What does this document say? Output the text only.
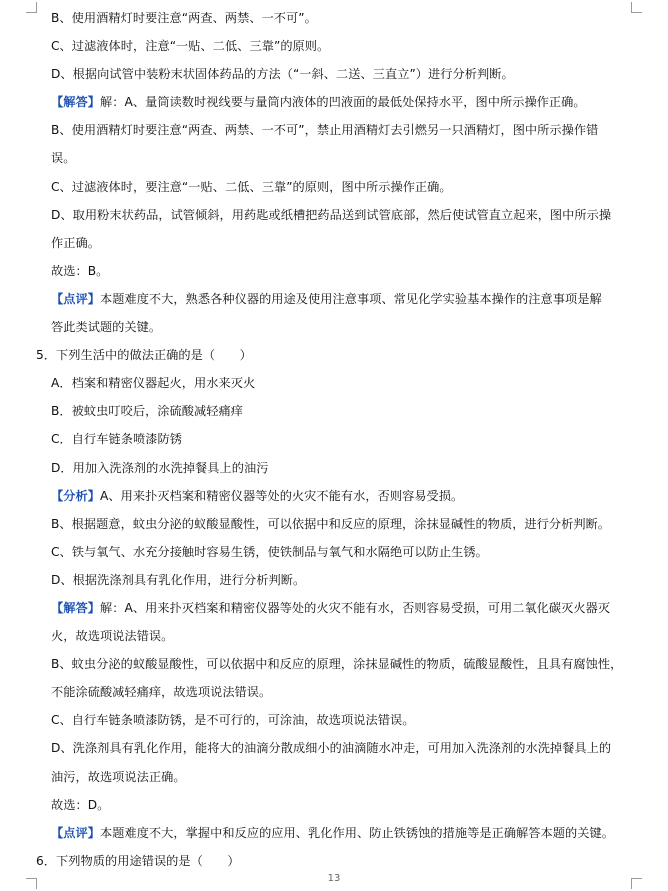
B、使用酒精灯时要注意“两查、两禁、一不可”。
C、过滤液体时，注意“一贴、二低、三靠”的原则。
D、根据向试管中装粉末状固体药品的方法（“一斜、二送、三直立”）进行分析判断。
【解答】解：A、量筒读数时视线要与量筒内液体的凹液面的最低处保持水平，图中所示操作正确。
B、使用酒精灯时要注意“两查、两禁、一不可”，禁止用酒精灯去引燃另一只酒精灯，图中所示操作错
误。
C、过滤液体时，要注意“一贴、二低、三靠”的原则，图中所示操作正确。
D、取用粉末状药品，试管倾斜，用药匙或纸槽把药品送到试管底部，然后使试管直立起来，图中所示操
作正确。
故选：B。
【点评】本题难度不大，熟悉各种仪器的用途及使用注意事项、常见化学实验基本操作的注意事项是解
答此类试题的关键。
5．下列生活中的做法正确的是（　　）
A．档案和精密仪器起火，用水来灭火
B．被蚊虫叮咬后，涂硫酸减轻痛痒
C．自行车链条喷漆防锈
D．用加入洗涤剂的水洗掉餐具上的油污
【分析】A、用来扑灭档案和精密仪器等处的火灾不能有水，否则容易受损。
B、根据题意，蚊虫分泌的蚁酸显酸性，可以依据中和反应的原理，涂抹显碱性的物质，进行分析判断。
C、铁与氧气、水充分接触时容易生锈，使铁制品与氧气和水隔绝可以防止生锈。
D、根据洗涤剂具有乳化作用，进行分析判断。
【解答】解：A、用来扑灭档案和精密仪器等处的火灾不能有水，否则容易受损，可用二氧化碳灭火器灭
火，故选项说法错误。
B、蚊虫分泌的蚁酸显酸性，可以依据中和反应的原理，涂抹显碱性的物质，硫酸显酸性，且具有腐蚀性，
不能涂硫酸减轻痛痒，故选项说法错误。
C、自行车链条喷漆防锈，是不可行的，可涂油，故选项说法错误。
D、洗涤剂具有乳化作用，能将大的油滴分散成细小的油滴随水冲走，可用加入洗涤剂的水洗掉餐具上的
油污，故选项说法正确。
故选：D。
【点评】本题难度不大，掌握中和反应的应用、乳化作用、防止铁锈蚀的措施等是正确解答本题的关键。
6．下列物质的用途错误的是（　　）
13
